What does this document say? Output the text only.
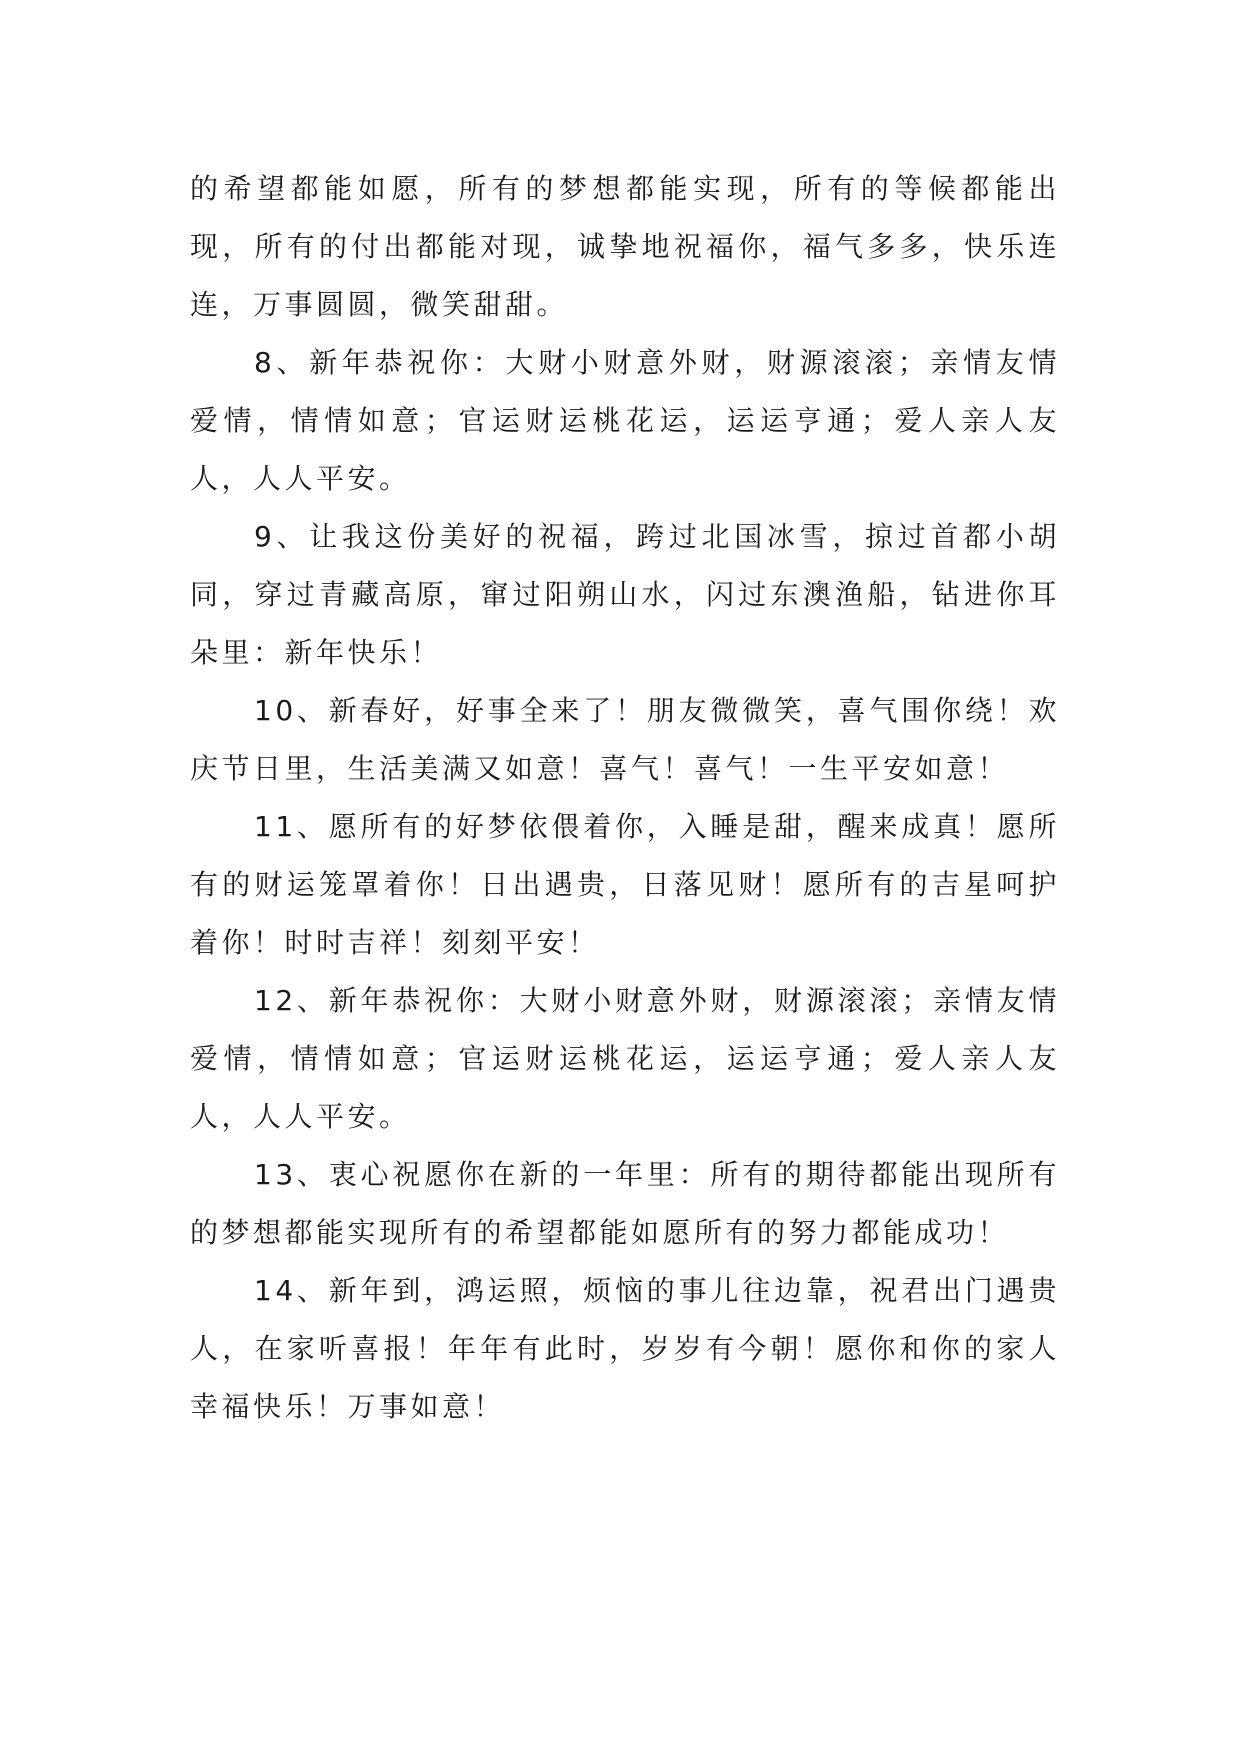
的希望都能如愿，所有的梦想都能实现，所有的等候都能出现，所有的付出都能对现，诚挚地祝福你，福气多多，快乐连连，万事圆圆，微笑甜甜。

8、新年恭祝你：大财小财意外财，财源滚滚；亲情友情爱情，情情如意；官运财运桃花运，运运亨通；爱人亲人友人，人人平安。

9、让我这份美好的祝福，跨过北国冰雪，掠过首都小胡同，穿过青藏高原，窜过阳朔山水，闪过东澳渔船，钻进你耳朵里：新年快乐！

10、新春好，好事全来了！朋友微微笑，喜气围你绕！欢庆节日里，生活美满又如意！喜气！喜气！一生平安如意！

11、愿所有的好梦依偎着你，入睡是甜，醒来成真！愿所有的财运笼罩着你！日出遇贵，日落见财！愿所有的吉星呵护着你！时时吉祥！刻刻平安！

12、新年恭祝你：大财小财意外财，财源滚滚；亲情友情爱情，情情如意；官运财运桃花运，运运亨通；爱人亲人友人，人人平安。

13、衷心祝愿你在新的一年里：所有的期待都能出现所有的梦想都能实现所有的希望都能如愿所有的努力都能成功！

14、新年到，鸿运照，烦恼的事儿往边靠，祝君出门遇贵人，在家听喜报！年年有此时，岁岁有今朝！愿你和你的家人幸福快乐！万事如意！
